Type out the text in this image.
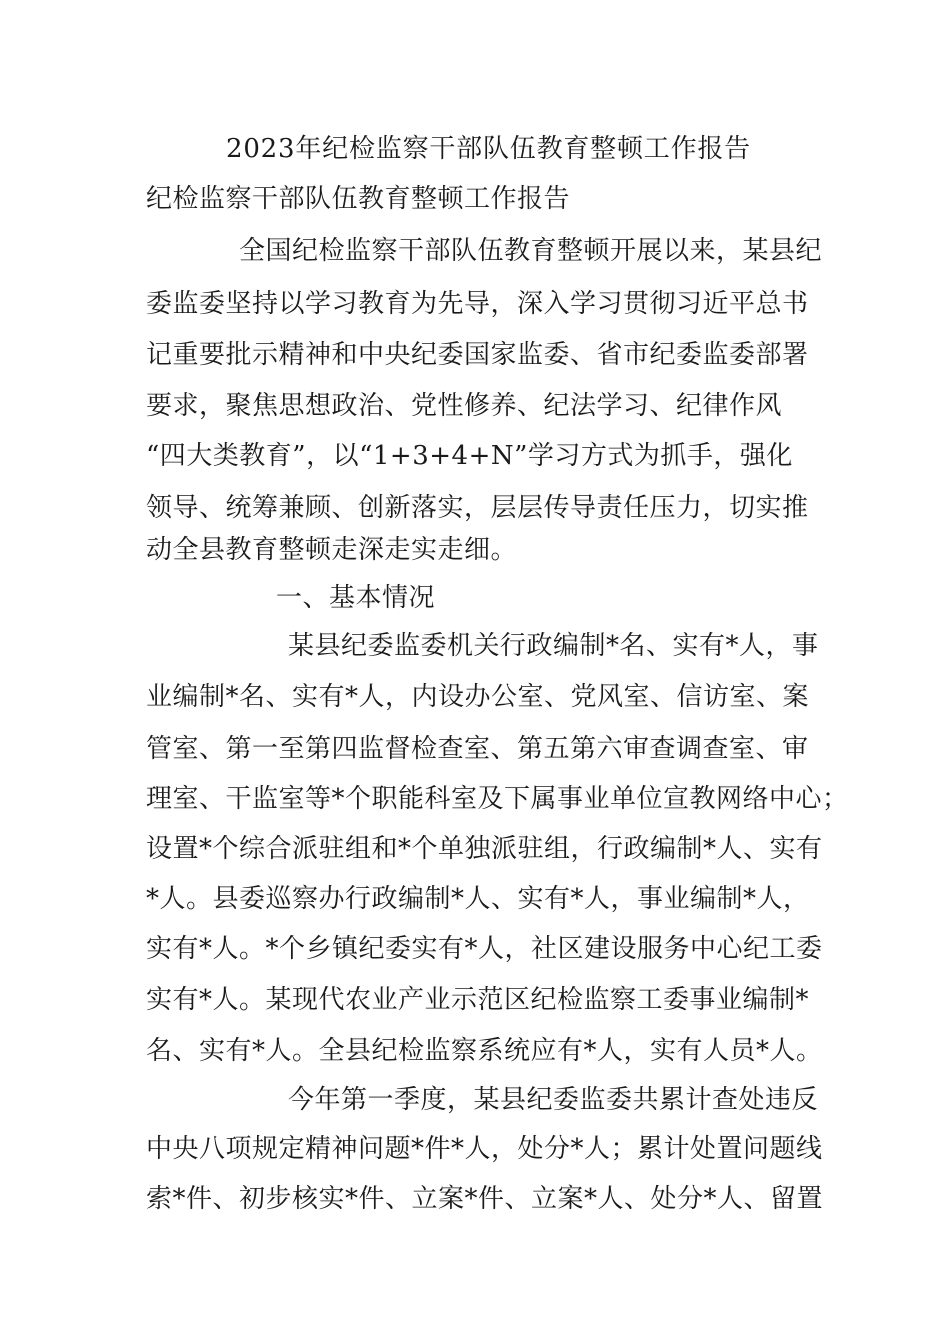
2023年纪检监察干部队伍教育整顿工作报告
纪检监察干部队伍教育整顿工作报告
全国纪检监察干部队伍教育整顿开展以来，某县纪
委监委坚持以学习教育为先导，深入学习贯彻习近平总书
记重要批示精神和中央纪委国家监委、省市纪委监委部署
要求，聚焦思想政治、党性修养、纪法学习、纪律作风
“四大类教育”，以“1+3+4+N”学习方式为抓手，强化
领导、统筹兼顾、创新落实，层层传导责任压力，切实推
动全县教育整顿走深走实走细。
一、基本情况
某县纪委监委机关行政编制*名、实有*人，事
业编制*名、实有*人，内设办公室、党风室、信访室、案
管室、第一至第四监督检查室、第五第六审查调查室、审
理室、干监室等*个职能科室及下属事业单位宣教网络中心；
设置*个综合派驻组和*个单独派驻组，行政编制*人、实有
*人。县委巡察办行政编制*人、实有*人，事业编制*人，
实有*人。*个乡镇纪委实有*人，社区建设服务中心纪工委
实有*人。某现代农业产业示范区纪检监察工委事业编制*
名、实有*人。全县纪检监察系统应有*人，实有人员*人。
今年第一季度，某县纪委监委共累计查处违反
中央八项规定精神问题*件*人，处分*人；累计处置问题线
索*件、初步核实*件、立案*件、立案*人、处分*人、留置
